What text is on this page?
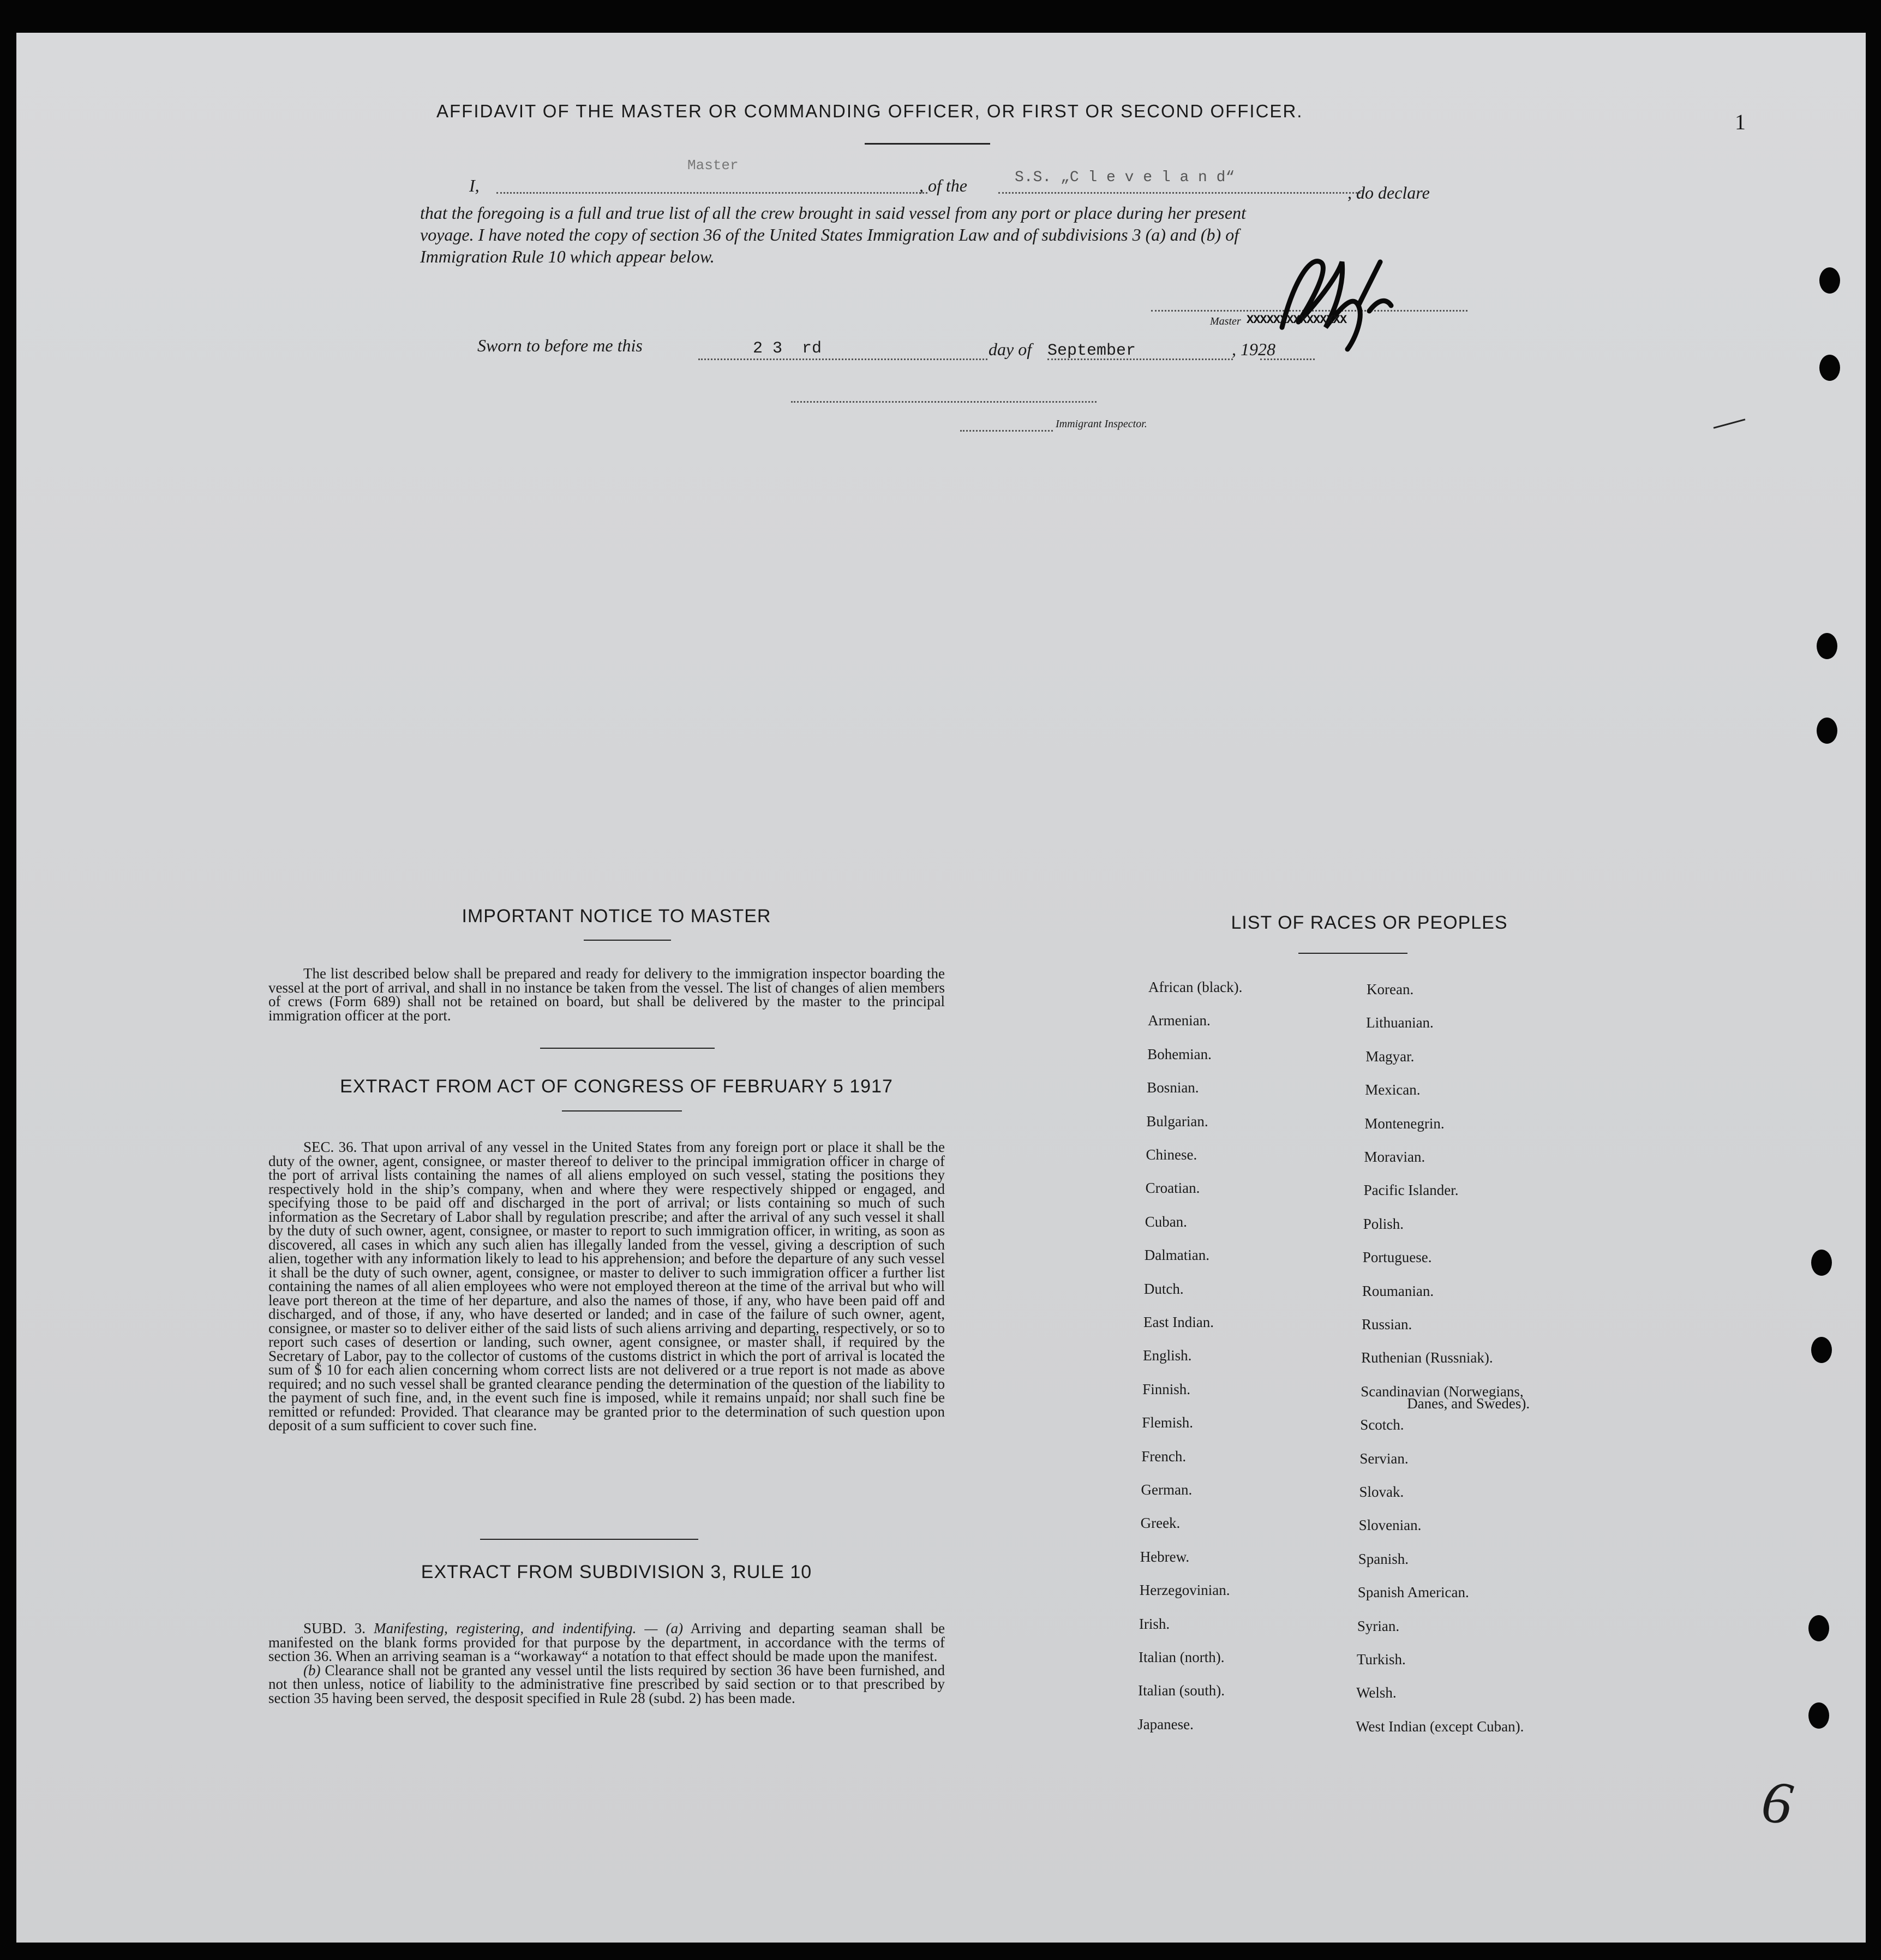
AFFIDAVIT OF THE MASTER OR COMMANDING OFFICER, OR FIRST OR SECOND OFFICER.	1
I,
Master
, of the	S.S. „C l e v e l a n d“
, do declare
that the foregoing is a full and true list of all the crew brought in said vessel from any port or place during her present
voyage. I have noted the copy of section 36 of the United States Immigration Law and of subdivisions 3 (a) and (b) of
Immigration Rule 10 which appear below.
Master XXXXXXXXXXXXXXX
Sworn to before me this	2 3  rd	day of September	, 1928
Immigrant Inspector.
IMPORTANT NOTICE TO MASTER

The list described below shall be prepared and ready for delivery to the immigration inspector boarding the vessel at the port of arrival, and shall in no instance be taken from the vessel. The list of changes of alien members of crews (Form 689) shall not be retained on board, but shall be delivered by the master to the principal immigration officer at the port.

EXTRACT FROM ACT OF CONGRESS OF FEBRUARY 5 1917

SEC. 36. That upon arrival of any vessel in the United States from any foreign port or place it shall be the duty of the owner, agent, consignee, or master thereof to deliver to the principal immigration officer in charge of the port of arrival lists containing the names of all aliens employed on such vessel, stating the positions they respectively hold in the ship’s company, when and where they were respectively shipped or engaged, and specifying those to be paid off and discharged in the port of arrival; or lists containing so much of such information as the Secretary of Labor shall by regulation prescribe; and after the arrival of any such vessel it shall by the duty of such owner, agent, consignee, or master to report to such immigration officer, in writing, as soon as discovered, all cases in which any such alien has illegally landed from the vessel, giving a description of such alien, together with any information likely to lead to his apprehension; and before the departure of any such vessel it shall be the duty of such owner, agent, consignee, or master to deliver to such immigration officer a further list containing the names of all alien employees who were not employed thereon at the time of the arrival but who will leave port thereon at the time of her departure, and also the names of those, if any, who have been paid off and discharged, and of those, if any, who have deserted or landed; and in case of the failure of such owner, agent, consignee, or master so to deliver either of the said lists of such aliens arriving and departing, respectively, or so to report such cases of desertion or landing, such owner, agent consignee, or master shall, if required by the Secretary of Labor, pay to the collector of customs of the customs district in which the port of arrival is located the sum of $ 10 for each alien concerning whom correct lists are not delivered or a true report is not made as above required; and no such vessel shall be granted clearance pending the determination of the question of the liability to the payment of such fine, and, in the event such fine is imposed, while it remains unpaid; nor shall such fine be remitted or refunded: Provided. That clearance may be granted prior to the determination of such question upon deposit of a sum sufficient to cover such fine.

EXTRACT FROM SUBDIVISION 3, RULE 10

SUBD. 3. Manifesting, registering, and indentifying. — (a) Arriving and departing seaman shall be manifested on the blank forms provided for that purpose by the department, in accordance with the terms of section 36. When an arriving seaman is a “workaway“ a notation to that effect should be made upon the manifest.

(b) Clearance shall not be granted any vessel until the lists required by section 36 have been furnished, and not then unless, notice of liability to the administrative fine prescribed by said section or to that prescribed by section 35 having been served, the desposit specified in Rule 28 (subd. 2) has been made.

LIST OF RACES OR PEOPLES
African (black).
Armenian.
Bohemian.
Bosnian.
Bulgarian.
Chinese.
Croatian.
Cuban.
Dalmatian.
Dutch.
East Indian.
English.
Finnish.
Flemish.
French.
German.
Greek.
Hebrew.
Herzegovinian.
Irish.
Italian (north).
Italian (south).
Japanese.
Korean.
Lithuanian.
Magyar.
Mexican.
Montenegrin.
Moravian.
Pacific Islander.
Polish.
Portuguese.
Roumanian.
Russian.
Ruthenian (Russniak).
Scandinavian (Norwegians,
Danes, and Swedes).
Scotch.
Servian.
Slovak.
Slovenian.
Spanish.
Spanish American.
Syrian.
Turkish.
Welsh.
West Indian (except Cuban).
6
